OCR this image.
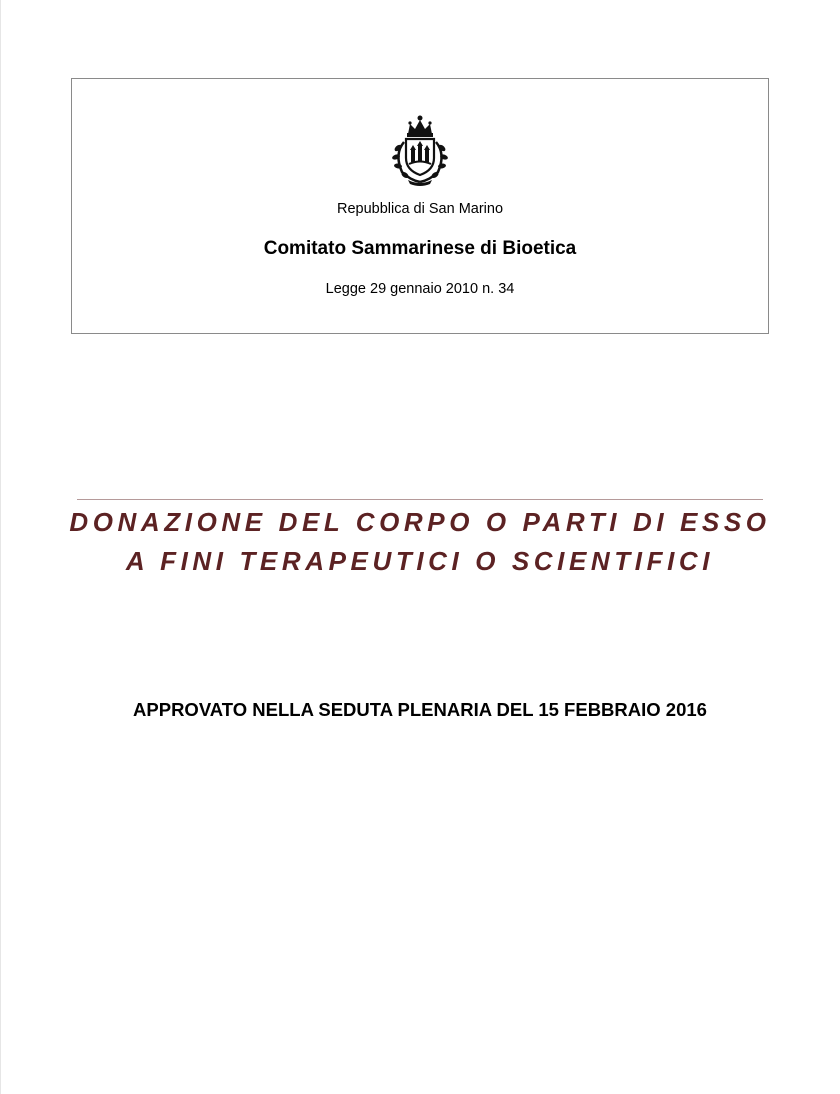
Repubblica di San Marino
Comitato Sammarinese di Bioetica
Legge 29 gennaio 2010 n. 34
DONAZIONE DEL CORPO O PARTI DI ESSO
A FINI TERAPEUTICI O SCIENTIFICI
APPROVATO NELLA SEDUTA PLENARIA DEL 15 FEBBRAIO 2016
